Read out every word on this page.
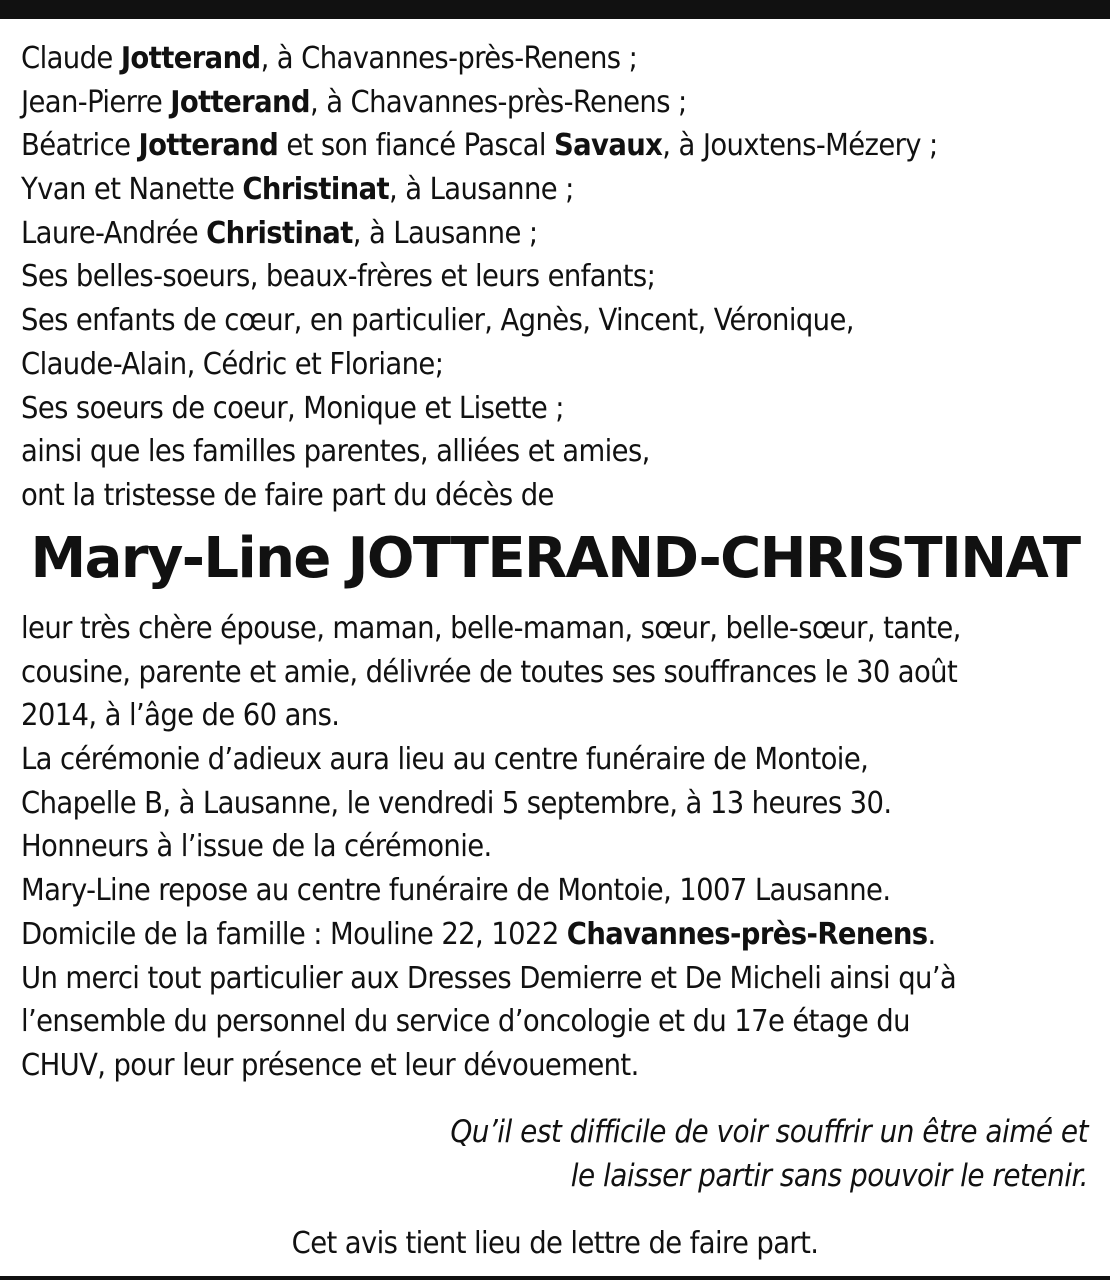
Claude Jotterand, à Chavannes-près-Renens ;
Jean-Pierre Jotterand, à Chavannes-près-Renens ;
Béatrice Jotterand et son fiancé Pascal Savaux, à Jouxtens-Mézery ;
Yvan et Nanette Christinat, à Lausanne ;
Laure-Andrée Christinat, à Lausanne ;
Ses belles-soeurs, beaux-frères et leurs enfants;
Ses enfants de cœur, en particulier, Agnès, Vincent, Véronique,
Claude-Alain, Cédric et Floriane;
Ses soeurs de coeur, Monique et Lisette ;
ainsi que les familles parentes, alliées et amies,
ont la tristesse de faire part du décès de
Mary-Line JOTTERAND-CHRISTINAT
leur très chère épouse, maman, belle-maman, sœur, belle-sœur, tante,
cousine, parente et amie, délivrée de toutes ses souffrances le 30 août
2014, à l’âge de 60 ans.
La cérémonie d’adieux aura lieu au centre funéraire de Montoie,
Chapelle B, à Lausanne, le vendredi 5 septembre, à 13 heures 30.
Honneurs à l’issue de la cérémonie.
Mary-Line repose au centre funéraire de Montoie, 1007 Lausanne.
Domicile de la famille : Mouline 22, 1022 Chavannes-près-Renens.
Un merci tout particulier aux Dresses Demierre et De Micheli ainsi qu’à
l’ensemble du personnel du service d’oncologie et du 17e étage du
CHUV, pour leur présence et leur dévouement.
Qu’il est difficile de voir souffrir un être aimé et
le laisser partir sans pouvoir le retenir.
Cet avis tient lieu de lettre de faire part.
